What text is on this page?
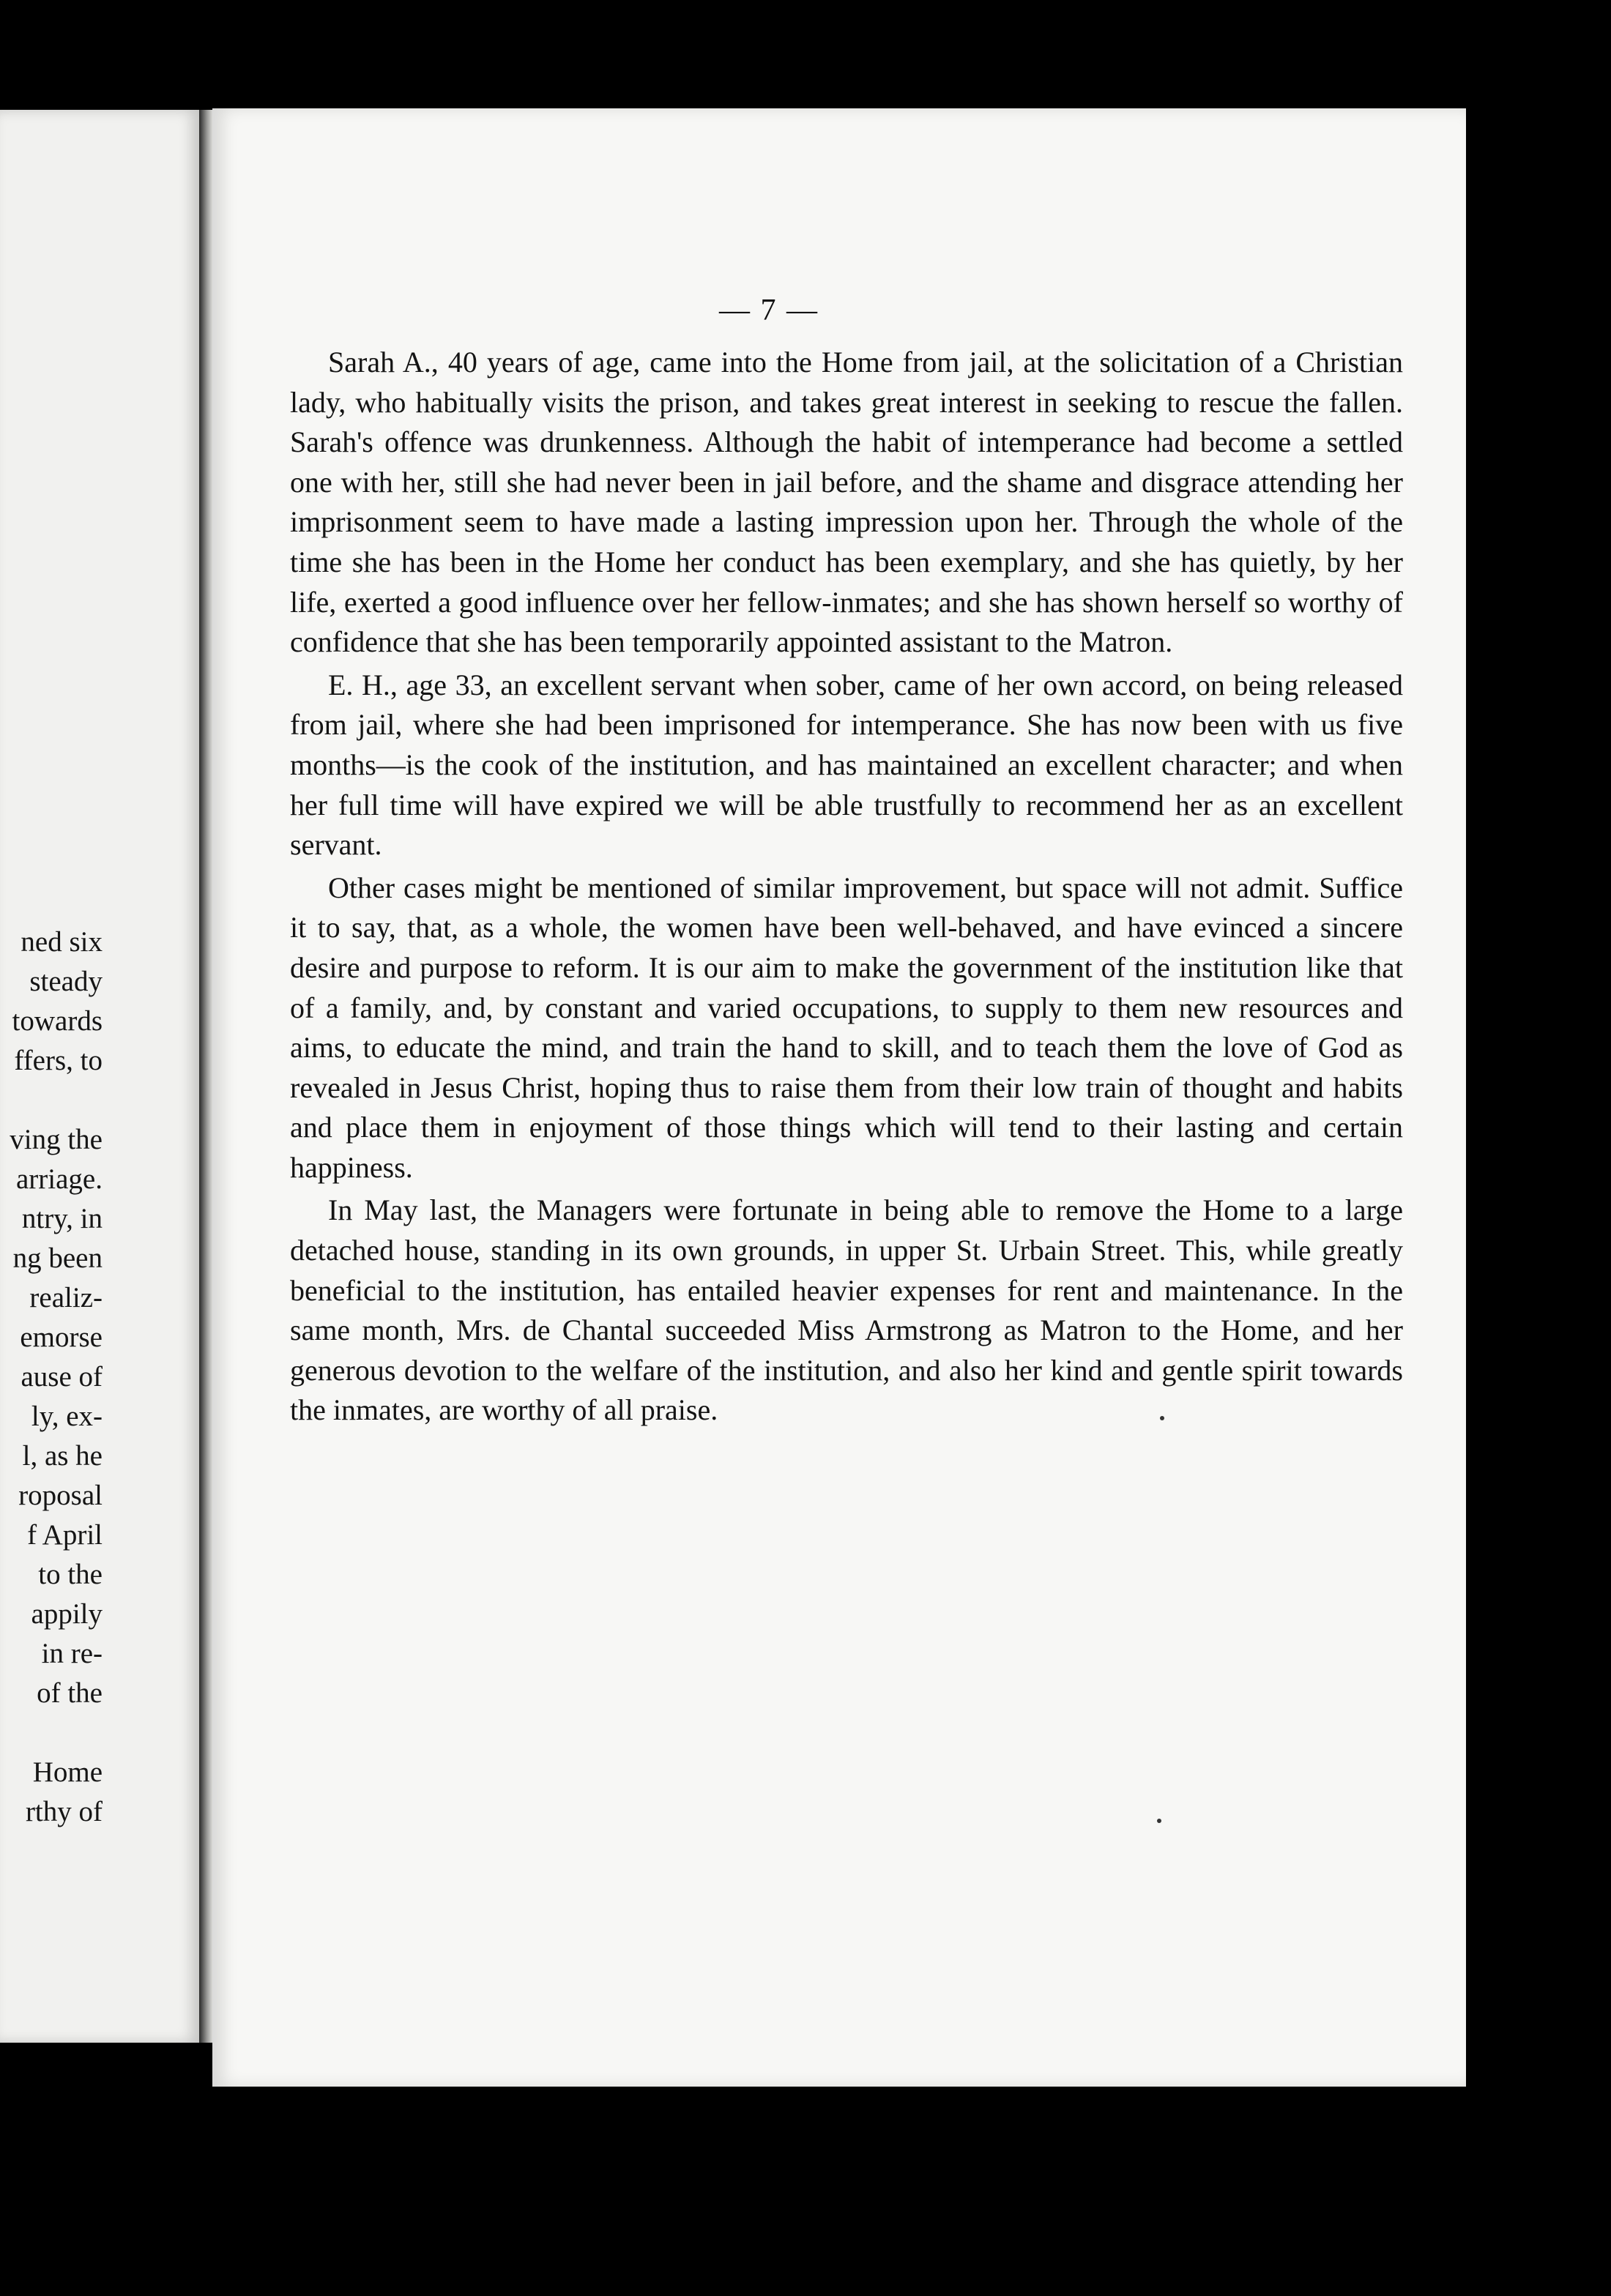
ned six
steady
towards
ffers, to
ving the
arriage.
ntry, in
ng been
realiz-
emorse
ause of
ly, ex-
l, as he
roposal
f April
to the
appily
in re-
of the
Home
rthy of
— 7 —

Sarah A., 40 years of age, came into the Home from jail, at the solicitation of a Christian lady, who habitually visits the prison, and takes great interest in seeking to rescue the fallen. Sarah's offence was drunkenness. Although the habit of intemperance had become a settled one with her, still she had never been in jail before, and the shame and disgrace attending her imprisonment seem to have made a lasting impression upon her. Through the whole of the time she has been in the Home her conduct has been exemplary, and she has quietly, by her life, exerted a good influence over her fellow-inmates; and she has shown herself so worthy of confidence that she has been temporarily appointed assistant to the Matron.

E. H., age 33, an excellent servant when sober, came of her own accord, on being released from jail, where she had been imprisoned for intemperance. She has now been with us five months—is the cook of the institution, and has maintained an excellent character; and when her full time will have expired we will be able trustfully to recommend her as an excellent servant.

Other cases might be mentioned of similar improvement, but space will not admit. Suffice it to say, that, as a whole, the women have been well-behaved, and have evinced a sincere desire and purpose to reform. It is our aim to make the government of the institution like that of a family, and, by constant and varied occupations, to supply to them new resources and aims, to educate the mind, and train the hand to skill, and to teach them the love of God as revealed in Jesus Christ, hoping thus to raise them from their low train of thought and habits and place them in enjoyment of those things which will tend to their lasting and certain happiness.

In May last, the Managers were fortunate in being able to remove the Home to a large detached house, standing in its own grounds, in upper St. Urbain Street. This, while greatly beneficial to the institution, has entailed heavier expenses for rent and maintenance. In the same month, Mrs. de Chantal succeeded Miss Armstrong as Matron to the Home, and her generous devotion to the welfare of the institution, and also her kind and gentle spirit towards the inmates, are worthy of all praise.
